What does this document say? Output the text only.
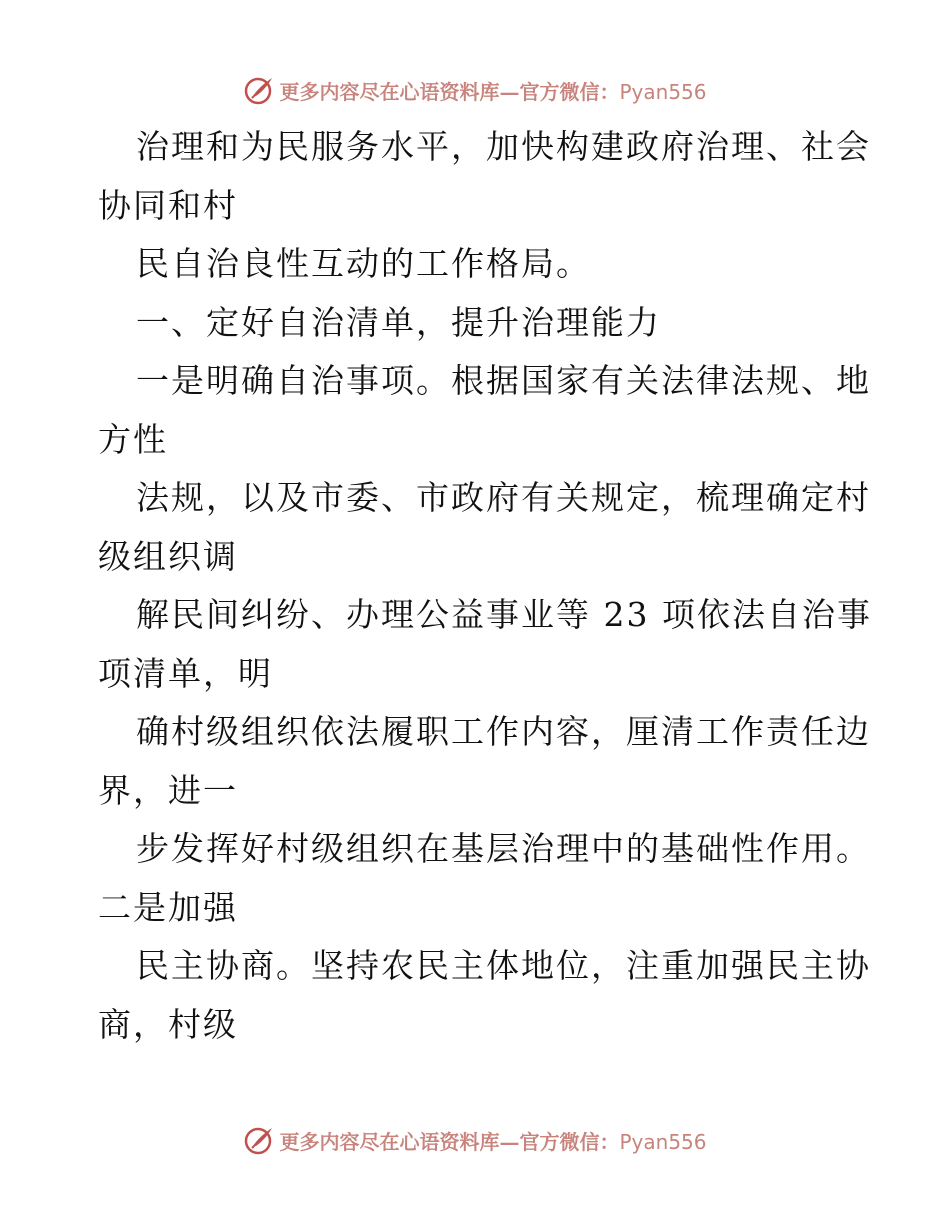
更多内容尽在心语资料库—官方微信：Pyan556
治理和为民服务水平，加快构建政府治理、社会
协同和村
民自治良性互动的工作格局。
一、定好自治清单，提升治理能力
一是明确自治事项。根据国家有关法律法规、地
方性
法规，以及市委、市政府有关规定，梳理确定村
级组织调
解民间纠纷、办理公益事业等 23 项依法自治事
项清单，明
确村级组织依法履职工作内容，厘清工作责任边
界，进一
步发挥好村级组织在基层治理中的基础性作用。
二是加强
民主协商。坚持农民主体地位，注重加强民主协
商，村级
更多内容尽在心语资料库—官方微信：Pyan556
